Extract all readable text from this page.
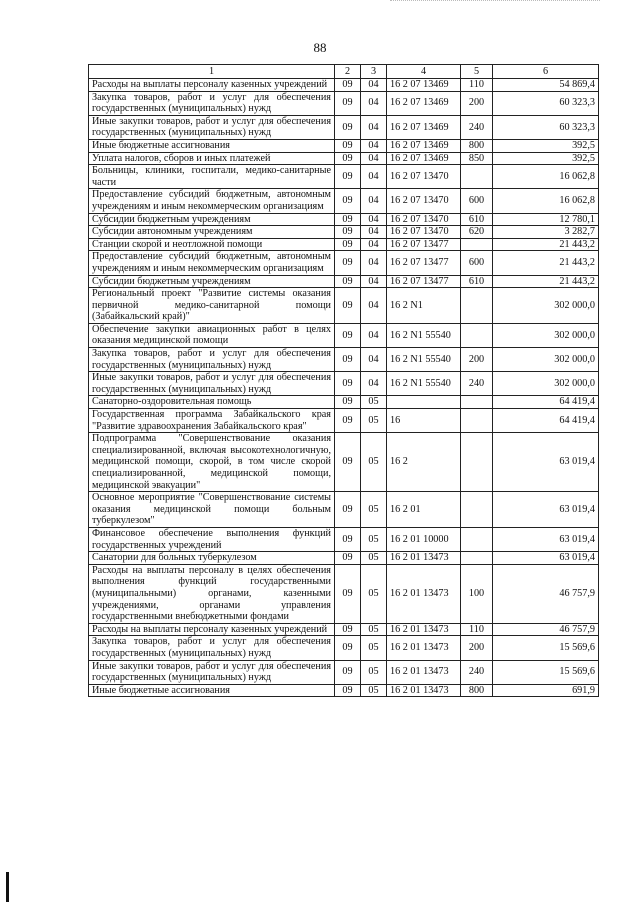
88
1	2	3	4	5	6
Расходы на выплаты персоналу казенных учреждений	09	04	16 2 07 13469	110	54 869,4
Закупка товаров, работ и услуг для обеспечения государственных (муниципальных) нужд	09	04	16 2 07 13469	200	60 323,3
Иные закупки товаров, работ и услуг для обеспечения государственных (муниципальных) нужд	09	04	16 2 07 13469	240	60 323,3
Иные бюджетные ассигнования	09	04	16 2 07 13469	800	392,5
Уплата налогов, сборов и иных платежей	09	04	16 2 07 13469	850	392,5
Больницы, клиники, госпитали, медико-санитарные части	09	04	16 2 07 13470		16 062,8
Предоставление субсидий бюджетным, автономным учреждениям и иным некоммерческим организациям	09	04	16 2 07 13470	600	16 062,8
Субсидии бюджетным учреждениям	09	04	16 2 07 13470	610	12 780,1
Субсидии автономным учреждениям	09	04	16 2 07 13470	620	3 282,7
Станции скорой и неотложной помощи	09	04	16 2 07 13477		21 443,2
Предоставление субсидий бюджетным, автономным учреждениям и иным некоммерческим организациям	09	04	16 2 07 13477	600	21 443,2
Субсидии бюджетным учреждениям	09	04	16 2 07 13477	610	21 443,2
Региональный проект "Развитие системы оказания первичной медико-санитарной помощи (Забайкальский край)"	09	04	16 2 N1		302 000,0
Обеспечение закупки авиационных работ в целях оказания медицинской помощи	09	04	16 2 N1 55540		302 000,0
Закупка товаров, работ и услуг для обеспечения государственных (муниципальных) нужд	09	04	16 2 N1 55540	200	302 000,0
Иные закупки товаров, работ и услуг для обеспечения государственных (муниципальных) нужд	09	04	16 2 N1 55540	240	302 000,0
Санаторно-оздоровительная помощь	09	05			64 419,4
Государственная программа Забайкальского края "Развитие здравоохранения Забайкальского края"	09	05	16		64 419,4
Подпрограмма "Совершенствование оказания специализированной, включая высокотехнологичную, медицинской помощи, скорой, в том числе скорой специализированной, медицинской помощи, медицинской эвакуации"	09	05	16 2		63 019,4
Основное мероприятие "Совершенствование системы оказания медицинской помощи больным туберкулезом"	09	05	16 2 01		63 019,4
Финансовое обеспечение выполнения функций государственных учреждений	09	05	16 2 01 10000		63 019,4
Санатории для больных туберкулезом	09	05	16 2 01 13473		63 019,4
Расходы на выплаты персоналу в целях обеспечения выполнения функций государственными (муниципальными) органами, казенными учреждениями, органами управления государственными внебюджетными фондами	09	05	16 2 01 13473	100	46 757,9
Расходы на выплаты персоналу казенных учреждений	09	05	16 2 01 13473	110	46 757,9
Закупка товаров, работ и услуг для обеспечения государственных (муниципальных) нужд	09	05	16 2 01 13473	200	15 569,6
Иные закупки товаров, работ и услуг для обеспечения государственных (муниципальных) нужд	09	05	16 2 01 13473	240	15 569,6
Иные бюджетные ассигнования	09	05	16 2 01 13473	800	691,9
